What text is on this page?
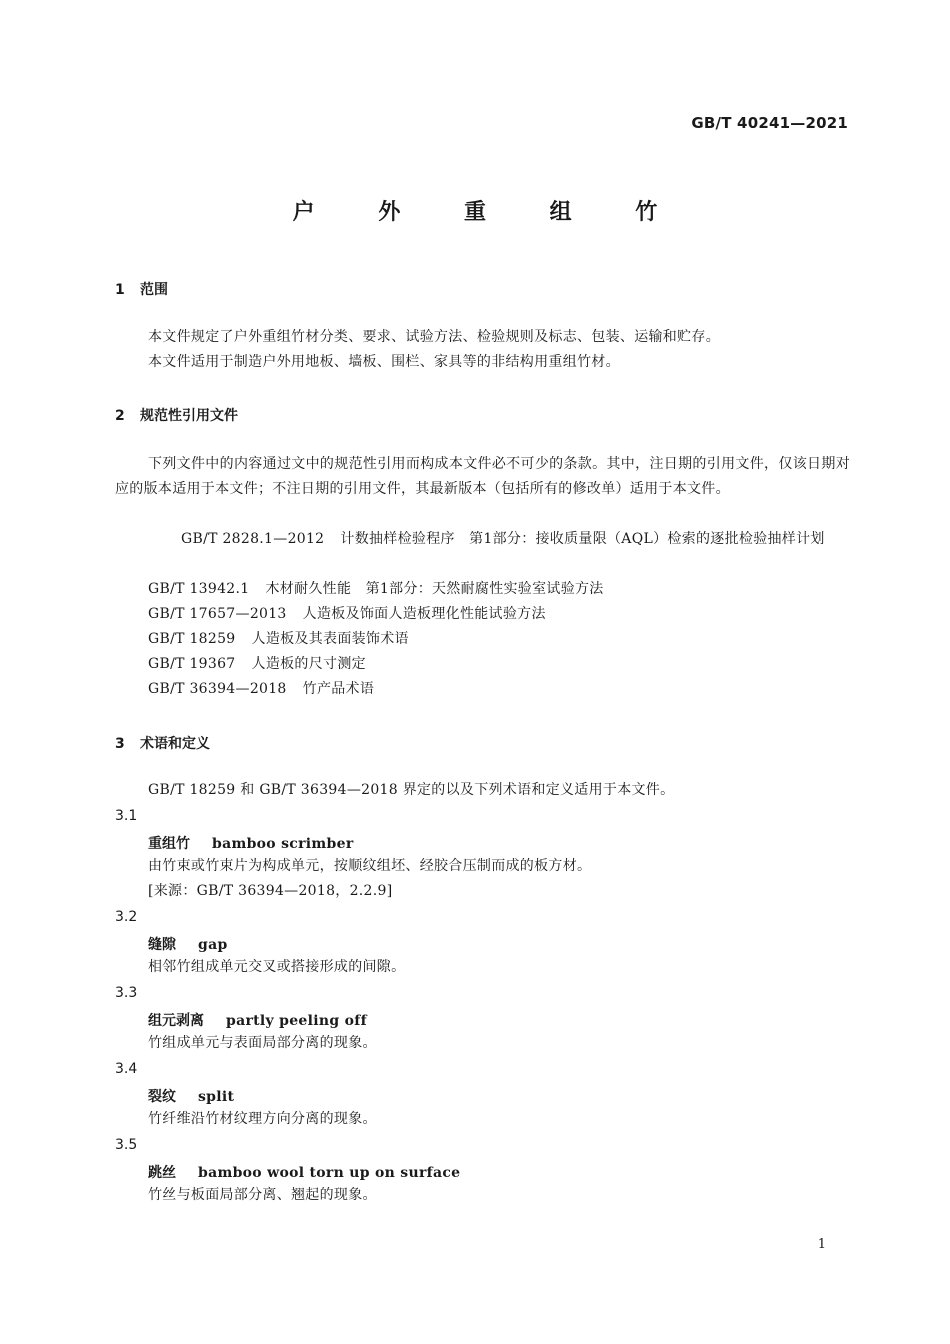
GB/T 40241—2021
户 外 重 组 竹
1 范围
本文件规定了户外重组竹材分类、要求、试验方法、检验规则及标志、包装、运输和贮存。
本文件适用于制造户外用地板、墙板、围栏、家具等的非结构用重组竹材。
2 规范性引用文件
下列文件中的内容通过文中的规范性引用而构成本文件必不可少的条款。其中，注日期的引用文件，仅该日期对应的版本适用于本文件；不注日期的引用文件，其最新版本（包括所有的修改单）适用于本文件。
GB/T 2828.1—2012 计数抽样检验程序　第1部分：接收质量限（AQL）检索的逐批检验抽样计划
GB/T 13942.1 木材耐久性能　第1部分：天然耐腐性实验室试验方法
GB/T 17657—2013 人造板及饰面人造板理化性能试验方法
GB/T 18259 人造板及其表面装饰术语
GB/T 19367 人造板的尺寸测定
GB/T 36394—2018 竹产品术语
3 术语和定义
GB/T 18259 和 GB/T 36394—2018 界定的以及下列术语和定义适用于本文件。
3.1
重组竹 bamboo scrimber
由竹束或竹束片为构成单元，按顺纹组坯、经胶合压制而成的板方材。
[来源：GB/T 36394—2018，2.2.9]
3.2
缝隙 gap
相邻竹组成单元交叉或搭接形成的间隙。
3.3
组元剥离 partly peeling off
竹组成单元与表面局部分离的现象。
3.4
裂纹 split
竹纤维沿竹材纹理方向分离的现象。
3.5
跳丝 bamboo wool torn up on surface
竹丝与板面局部分离、翘起的现象。
1
